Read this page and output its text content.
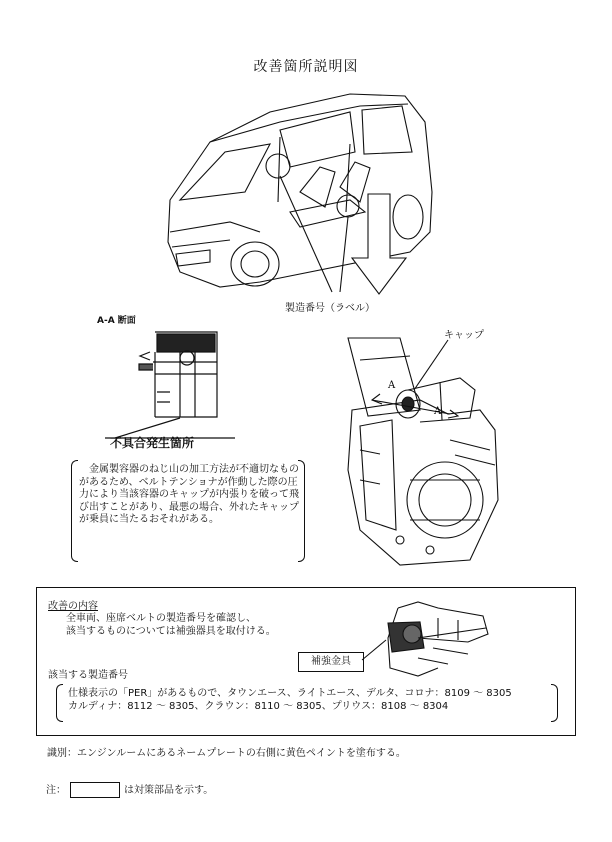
改善箇所説明図
製造番号（ラベル）
A-A 断面
不具合発生箇所
キャップ
A
A
　金属製容器のねじ山の加工方法が不適切なものがあるため、ベルトテンショナが作動した際の圧力により当該容器のキャップが内張りを破って飛び出すことがあり、最悪の場合、外れたキャップが乗員に当たるおそれがある。
改善の内容
全車両、座席ベルトの製造番号を確認し、
該当するものについては補強器具を取付ける。
補強金具
該当する製造番号
仕様表示の「PER」があるもので、タウンエース、ライトエース、デルタ、コロナ：8109 ～ 8305
カルディナ：8112 ～ 8305、クラウン：8110 ～ 8305、プリウス：8108 ～ 8304
識別：エンジンルームにあるネームプレートの右側に黄色ペイントを塗布する。
注：	は対策部品を示す。
